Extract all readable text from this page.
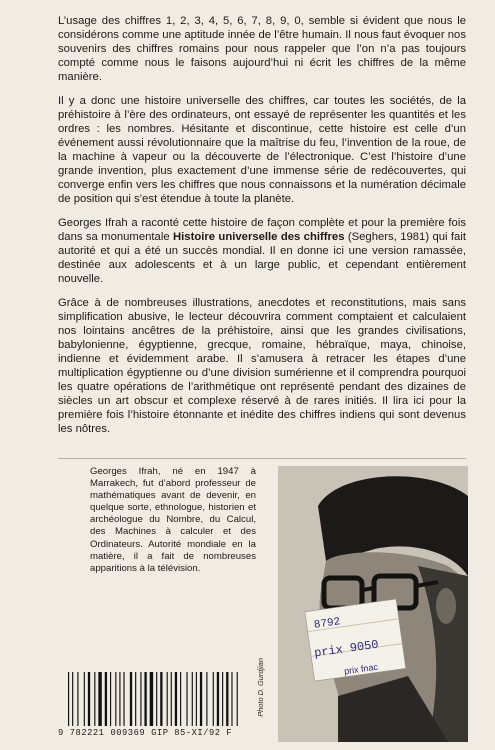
L’usage des chiffres 1, 2, 3, 4, 5, 6, 7, 8, 9, 0, semble si évident que nous le considérons comme une aptitude innée de l’être humain. Il nous faut évoquer nos souvenirs des chiffres romains pour nous rappeler que l’on n’a pas toujours compté comme nous le faisons aujourd’hui ni écrit les chiffres de la même manière.

Il y a donc une histoire universelle des chiffres, car toutes les sociétés, de la préhistoire à l’ère des ordinateurs, ont essayé de représenter les quantités et les ordres : les nombres. Hésitante et discontinue, cette histoire est celle d’un événement aussi révolutionnaire que la maîtrise du feu, l’invention de la roue, de la machine à vapeur ou la découverte de l’électronique. C’est l’histoire d’une grande invention, plus exactement d’une immense série de redécouvertes, qui converge enfin vers les chiffres que nous connaissons et la numération décimale de position qui s’est étendue à toute la planète.

Georges Ifrah a raconté cette histoire de façon complète et pour la première fois dans sa monumentale Histoire universelle des chiffres (Seghers, 1981) qui fait autorité et qui a été un succès mondial. Il en donne ici une version ramassée, destinée aux adolescents et à un large public, et cependant entièrement nouvelle.

Grâce à de nombreuses illustrations, anecdotes et reconstitutions, mais sans simplification abusive, le lecteur découvrira comment comptaient et calculaient nos lointains ancêtres de la préhistoire, ainsi que les grandes civilisations, babylonienne, égyptienne, grecque, romaine, hébraïque, maya, chinoise, indienne et évidemment arabe. Il s’amusera à retracer les étapes d’une multiplication égyptienne ou d’une division sumérienne et il comprendra pourquoi les quatre opérations de l’arithmétique ont représenté pendant des dizaines de siècles un art obscur et complexe réservé à de rares initiés. Il lira ici pour la première fois l’histoire étonnante et inédite des chiffres indiens qui sont devenus les nôtres.

Georges Ifrah, né en 1947 à Marrakech, fut d’abord professeur de mathématiques avant de devenir, en quelque sorte, ethnologue, historien et archéologue du Nombre, du Calcul, des Machines à calculer et des Ordinateurs. Autorité mondiale en la matière, il a fait de nombreuses apparitions à la télévision.
8792
prix 9050
prix fnac
Photo D. Gurdjian
9 782221 009369 GIP 85-XI/92 F
